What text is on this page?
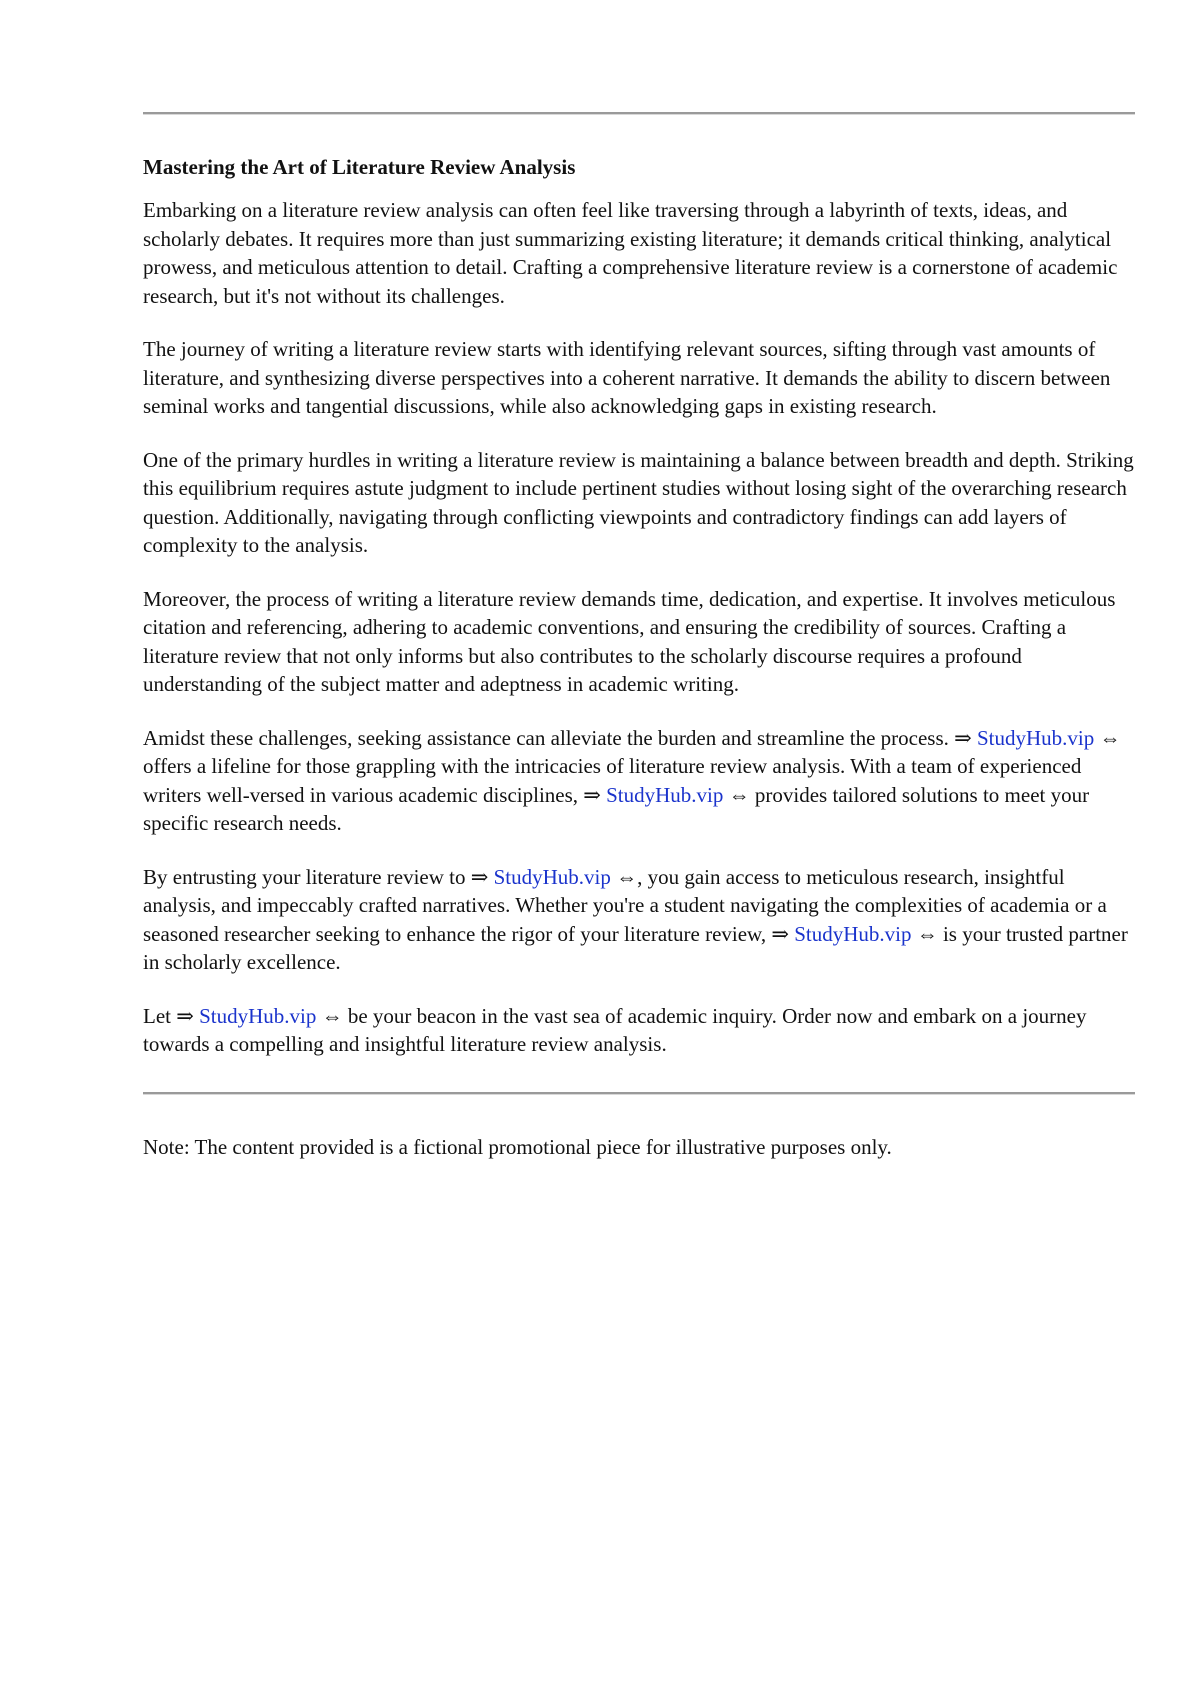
Mastering the Art of Literature Review Analysis

Embarking on a literature review analysis can often feel like traversing through a labyrinth of texts, ideas, and scholarly debates. It requires more than just summarizing existing literature; it demands critical thinking, analytical prowess, and meticulous attention to detail. Crafting a comprehensive literature review is a cornerstone of academic research, but it's not without its challenges.

The journey of writing a literature review starts with identifying relevant sources, sifting through vast amounts of literature, and synthesizing diverse perspectives into a coherent narrative. It demands the ability to discern between seminal works and tangential discussions, while also acknowledging gaps in existing research.

One of the primary hurdles in writing a literature review is maintaining a balance between breadth and depth. Striking this equilibrium requires astute judgment to include pertinent studies without losing sight of the overarching research question. Additionally, navigating through conflicting viewpoints and contradictory findings can add layers of complexity to the analysis.

Moreover, the process of writing a literature review demands time, dedication, and expertise. It involves meticulous citation and referencing, adhering to academic conventions, and ensuring the credibility of sources. Crafting a literature review that not only informs but also contributes to the scholarly discourse requires a profound understanding of the subject matter and adeptness in academic writing.

Amidst these challenges, seeking assistance can alleviate the burden and streamline the process. ⇒ StudyHub.vip ⇔ offers a lifeline for those grappling with the intricacies of literature review analysis. With a team of experienced writers well-versed in various academic disciplines, ⇒ StudyHub.vip ⇔ provides tailored solutions to meet your specific research needs.

By entrusting your literature review to ⇒ StudyHub.vip ⇔, you gain access to meticulous research, insightful analysis, and impeccably crafted narratives. Whether you're a student navigating the complexities of academia or a seasoned researcher seeking to enhance the rigor of your literature review, ⇒ StudyHub.vip ⇔ is your trusted partner in scholarly excellence.

Let ⇒ StudyHub.vip ⇔ be your beacon in the vast sea of academic inquiry. Order now and embark on a journey towards a compelling and insightful literature review analysis.

Note: The content provided is a fictional promotional piece for illustrative purposes only.
